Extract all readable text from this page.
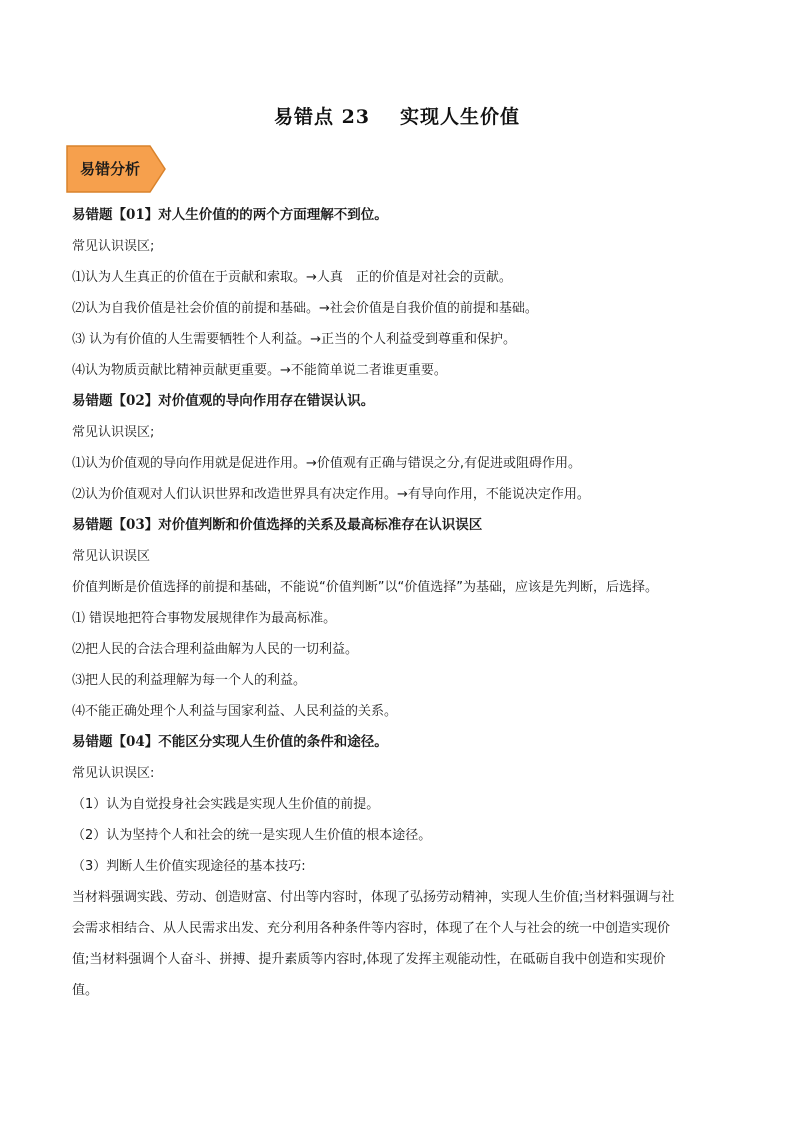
易错点 23 实现人生价值
易错分析
易错题【01】对人生价值的的两个方面理解不到位。
常见认识误区;
⑴认为人生真正的价值在于贡献和索取。→人真　正的价值是对社会的贡献。
⑵认为自我价值是社会价值的前提和基础。→社会价值是自我价值的前提和基础。
⑶ 认为有价值的人生需要牺牲个人利益。→正当的个人利益受到尊重和保护。
⑷认为物质贡献比精神贡献更重要。→不能简单说二者谁更重要。
易错题【02】对价值观的导向作用存在错误认识。
常见认识误区;
⑴认为价值观的导向作用就是促进作用。→价值观有正确与错误之分,有促进或阻碍作用。
⑵认为价值观对人们认识世界和改造世界具有决定作用。→有导向作用，不能说决定作用。
易错题【03】对价值判断和价值选择的关系及最高标准存在认识误区
常见认识误区
价值判断是价值选择的前提和基础，不能说“价值判断”以“价值选择”为基础，应该是先判断，后选择。
⑴ 错误地把符合事物发展规律作为最高标准。
⑵把人民的合法合理利益曲解为人民的一切利益。
⑶把人民的利益理解为每一个人的利益。
⑷不能正确处理个人利益与国家利益、人民利益的关系。
易错题【04】不能区分实现人生价值的条件和途径。
常见认识误区:
（1）认为自觉投身社会实践是实现人生价值的前提。
（2）认为坚持个人和社会的统一是实现人生价值的根本途径。
（3）判断人生价值实现途径的基本技巧:
当材料强调实践、劳动、创造财富、付出等内容时，体现了弘扬劳动精神，实现人生价值;当材料强调与社
会需求相结合、从人民需求出发、充分利用各种条件等内容时，体现了在个人与社会的统一中创造实现价
值;当材料强调个人奋斗、拼搏、提升素质等内容时,体现了发挥主观能动性，在砥砺自我中创造和实现价
值。
